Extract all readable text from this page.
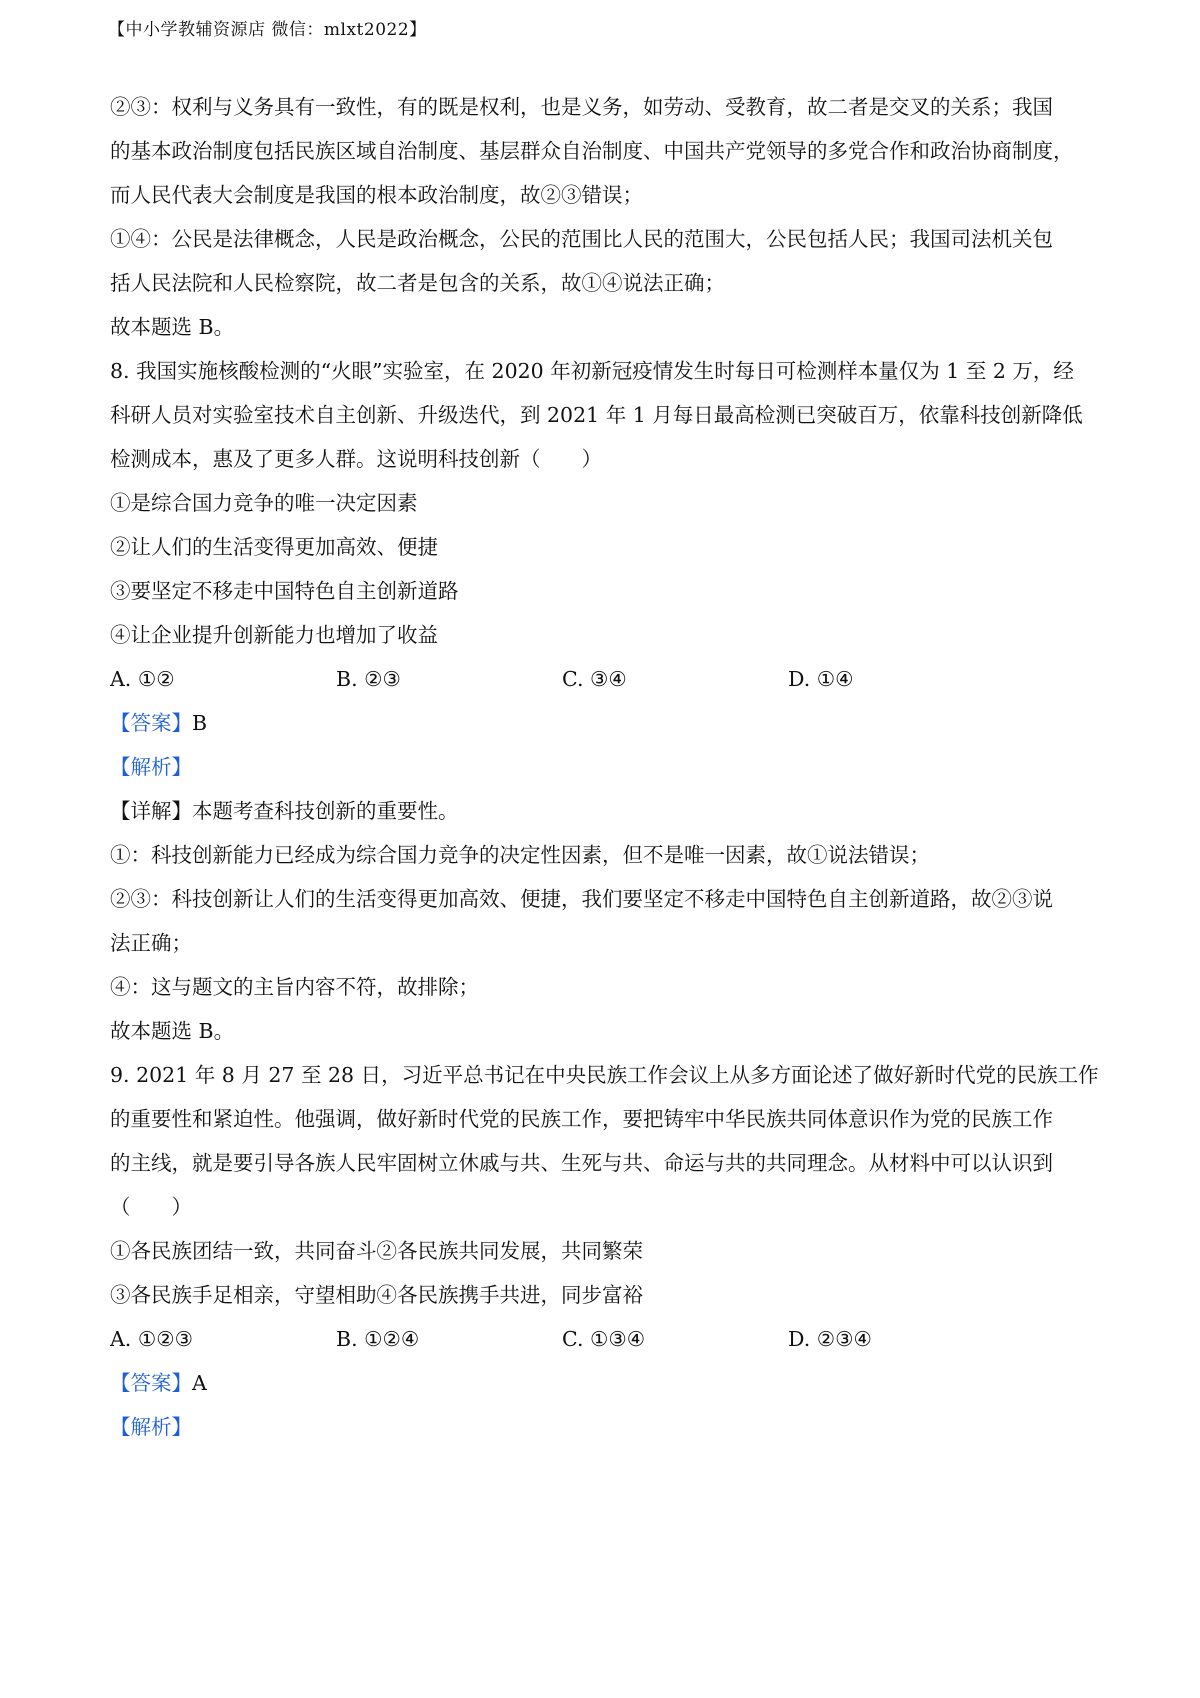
【中小学教辅资源店 微信：mlxt2022】
②③：权利与义务具有一致性，有的既是权利，也是义务，如劳动、受教育，故二者是交叉的关系；我国
的基本政治制度包括民族区域自治制度、基层群众自治制度、中国共产党领导的多党合作和政治协商制度，
而人民代表大会制度是我国的根本政治制度，故②③错误；
①④：公民是法律概念，人民是政治概念，公民的范围比人民的范围大，公民包括人民；我国司法机关包
括人民法院和人民检察院，故二者是包含的关系，故①④说法正确；
故本题选 B。
8. 我国实施核酸检测的“火眼”实验室，在 2020 年初新冠疫情发生时每日可检测样本量仅为 1 至 2 万，经
科研人员对实验室技术自主创新、升级迭代，到 2021 年 1 月每日最高检测已突破百万，依靠科技创新降低
检测成本，惠及了更多人群。这说明科技创新（　　）
①是综合国力竞争的唯一决定因素
②让人们的生活变得更加高效、便捷
③要坚定不移走中国特色自主创新道路
④让企业提升创新能力也增加了收益
A. ①②	B. ②③	C. ③④	D. ①④
【答案】B
【解析】
【详解】本题考查科技创新的重要性。
①：科技创新能力已经成为综合国力竞争的决定性因素，但不是唯一因素，故①说法错误；
②③：科技创新让人们的生活变得更加高效、便捷，我们要坚定不移走中国特色自主创新道路，故②③说
法正确；
④：这与题文的主旨内容不符，故排除；
故本题选 B。
9. 2021 年 8 月 27 至 28 日，习近平总书记在中央民族工作会议上从多方面论述了做好新时代党的民族工作
的重要性和紧迫性。他强调，做好新时代党的民族工作，要把铸牢中华民族共同体意识作为党的民族工作
的主线，就是要引导各族人民牢固树立休戚与共、生死与共、命运与共的共同理念。从材料中可以认识到
（　　）
①各民族团结一致，共同奋斗②各民族共同发展，共同繁荣
③各民族手足相亲，守望相助④各民族携手共进，同步富裕
A. ①②③	B. ①②④	C. ①③④	D. ②③④
【答案】A
【解析】
